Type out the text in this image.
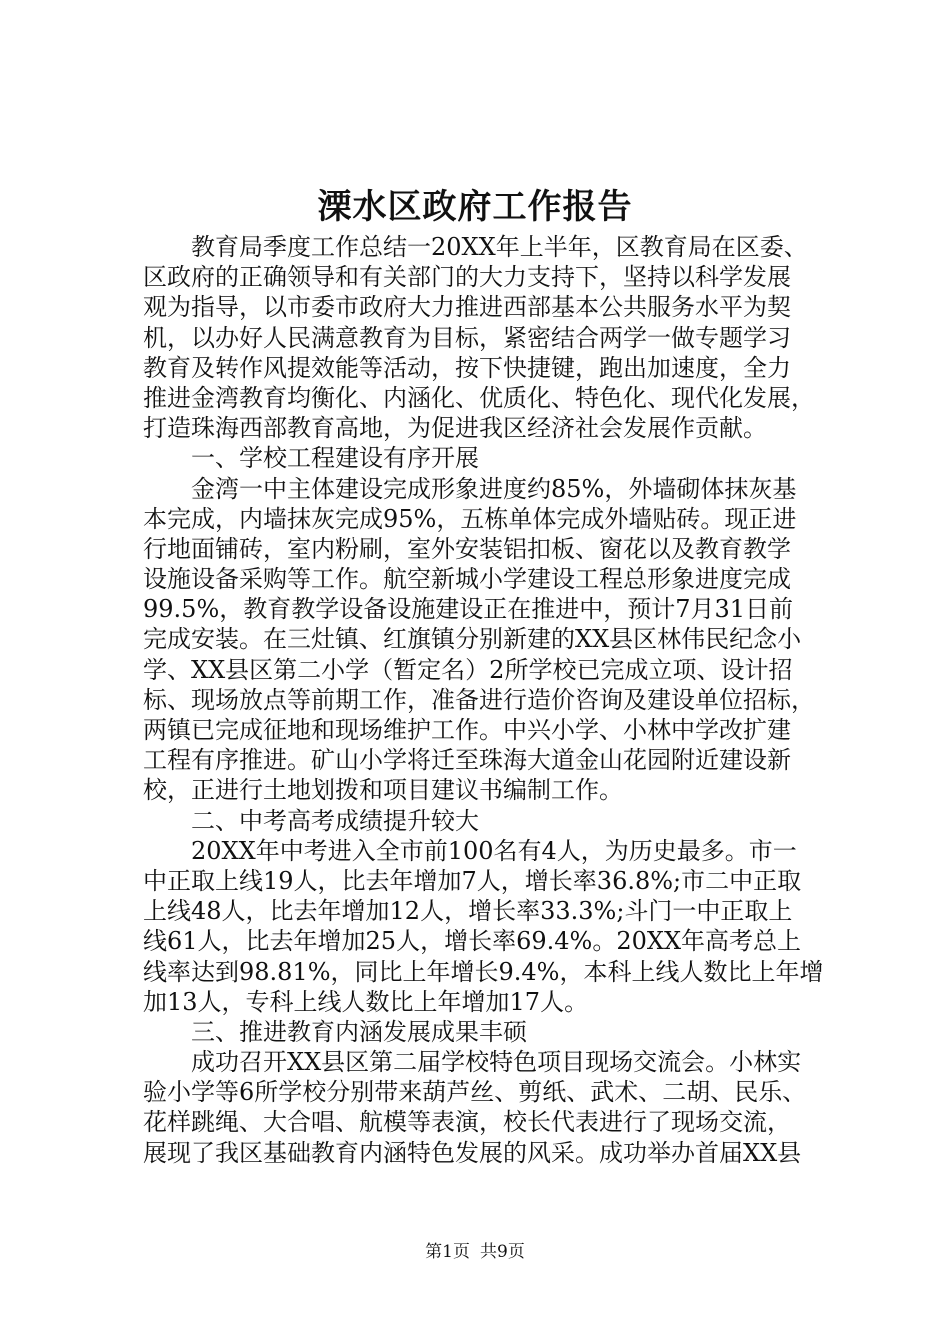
溧水区政府工作报告
教育局季度工作总结一20XX年上半年，区教育局在区委、
区政府的正确领导和有关部门的大力支持下，坚持以科学发展
观为指导，以市委市政府大力推进西部基本公共服务水平为契
机，以办好人民满意教育为目标，紧密结合两学一做专题学习
教育及转作风提效能等活动，按下快捷键，跑出加速度，全力
推进金湾教育均衡化、内涵化、优质化、特色化、现代化发展，
打造珠海西部教育高地，为促进我区经济社会发展作贡献。
一、学校工程建设有序开展
金湾一中主体建设完成形象进度约85%，外墙砌体抹灰基
本完成，内墙抹灰完成95%，五栋单体完成外墙贴砖。现正进
行地面铺砖，室内粉刷，室外安装铝扣板、窗花以及教育教学
设施设备采购等工作。航空新城小学建设工程总形象进度完成
99.5%，教育教学设备设施建设正在推进中，预计7月31日前
完成安装。在三灶镇、红旗镇分别新建的XX县区林伟民纪念小
学、XX县区第二小学（暂定名）2所学校已完成立项、设计招
标、现场放点等前期工作，准备进行造价咨询及建设单位招标，
两镇已完成征地和现场维护工作。中兴小学、小林中学改扩建
工程有序推进。矿山小学将迁至珠海大道金山花园附近建设新
校，正进行土地划拨和项目建议书编制工作。
二、中考高考成绩提升较大
20XX年中考进入全市前100名有4人，为历史最多。市一
中正取上线19人，比去年增加7人，增长率36.8%;市二中正取
上线48人，比去年增加12人，增长率33.3%;斗门一中正取上
线61人，比去年增加25人，增长率69.4%。20XX年高考总上
线率达到98.81%，同比上年增长9.4%，本科上线人数比上年增
加13人，专科上线人数比上年增加17人。
三、推进教育内涵发展成果丰硕
成功召开XX县区第二届学校特色项目现场交流会。小林实
验小学等6所学校分别带来葫芦丝、剪纸、武术、二胡、民乐、
花样跳绳、大合唱、航模等表演，校长代表进行了现场交流，
展现了我区基础教育内涵特色发展的风采。成功举办首届XX县
第1页 共9页
